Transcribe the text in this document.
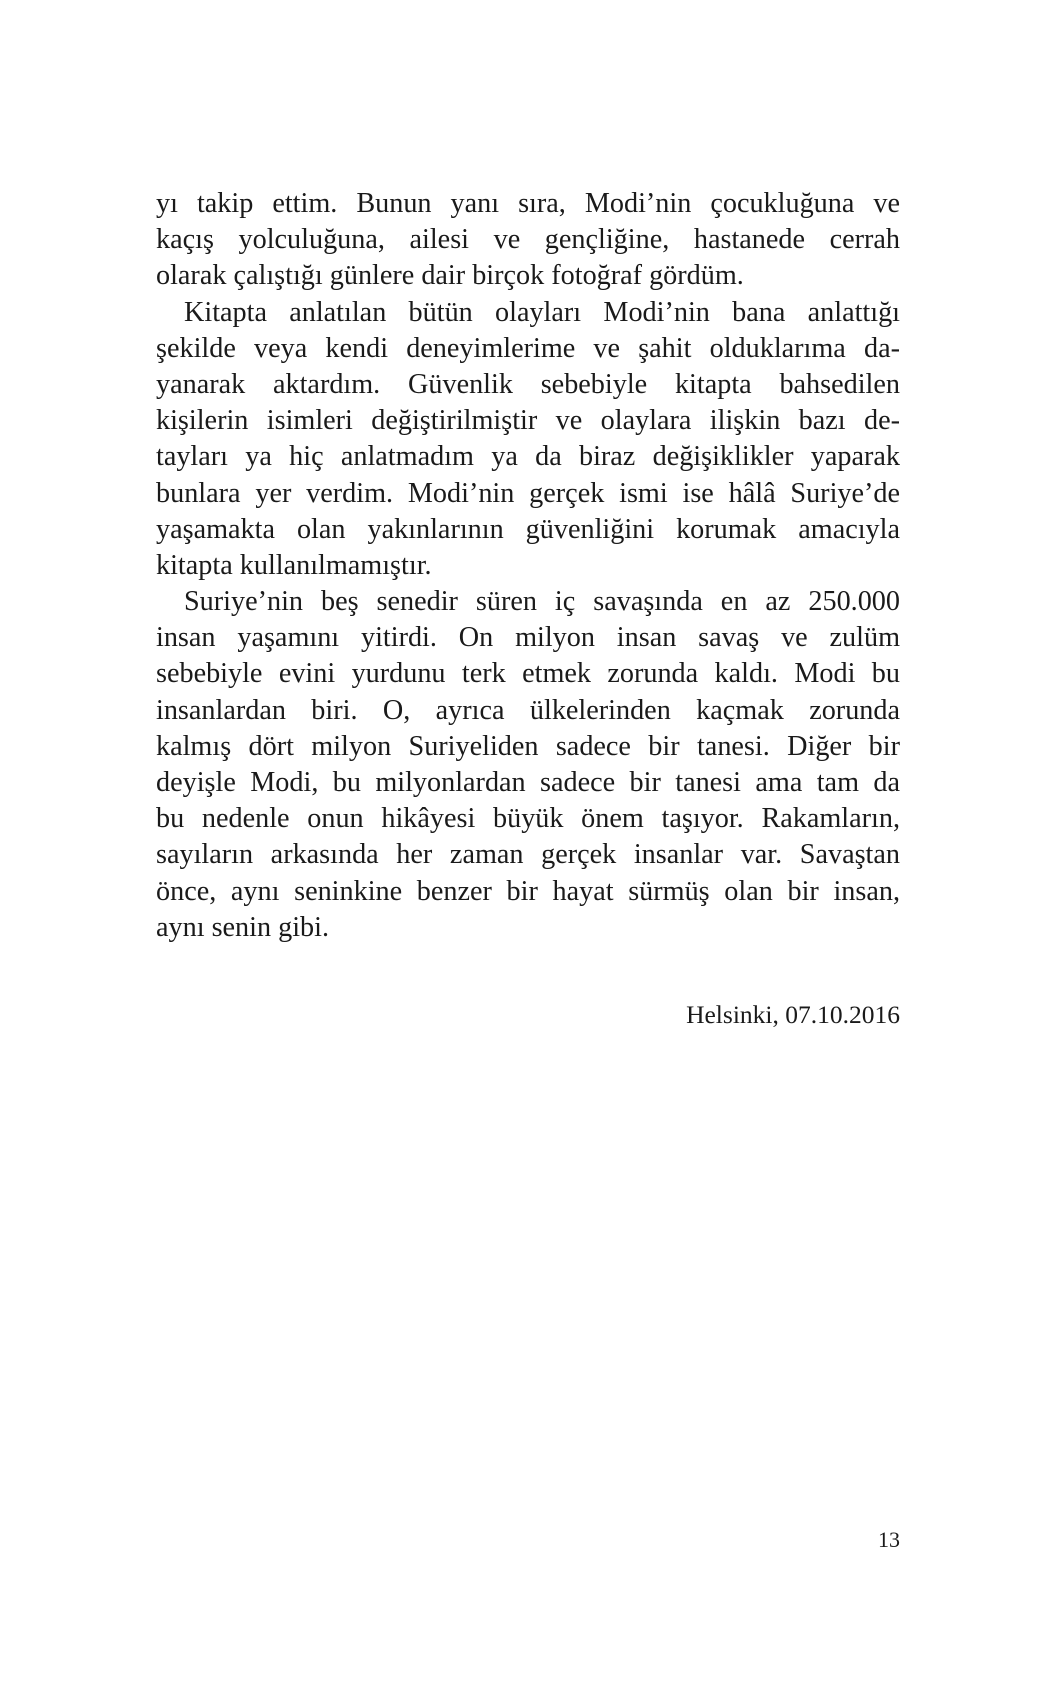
yı takip ettim. Bunun yanı sıra, Modi’nin çocukluğuna ve
kaçış yolculuğuna, ailesi ve gençliğine, hastanede cerrah
olarak çalıştığı günlere dair birçok fotoğraf gördüm.
Kitapta anlatılan bütün olayları Modi’nin bana anlattığı
şekilde veya kendi deneyimlerime ve şahit olduklarıma da-
yanarak aktardım. Güvenlik sebebiyle kitapta bahsedilen
kişilerin isimleri değiştirilmiştir ve olaylara ilişkin bazı de-
tayları ya hiç anlatmadım ya da biraz değişiklikler yaparak
bunlara yer verdim. Modi’nin gerçek ismi ise hâlâ Suriye’de
yaşamakta olan yakınlarının güvenliğini korumak amacıyla
kitapta kullanılmamıştır.
Suriye’nin beş senedir süren iç savaşında en az 250.000
insan yaşamını yitirdi. On milyon insan savaş ve zulüm
sebebiyle evini yurdunu terk etmek zorunda kaldı. Modi bu
insanlardan biri. O, ayrıca ülkelerinden kaçmak zorunda
kalmış dört milyon Suriyeliden sadece bir tanesi. Diğer bir
deyişle Modi, bu milyonlardan sadece bir tanesi ama tam da
bu nedenle onun hikâyesi büyük önem taşıyor. Rakamların,
sayıların arkasında her zaman gerçek insanlar var. Savaştan
önce, aynı seninkine benzer bir hayat sürmüş olan bir insan,
aynı senin gibi.
Helsinki, 07.10.2016
13
